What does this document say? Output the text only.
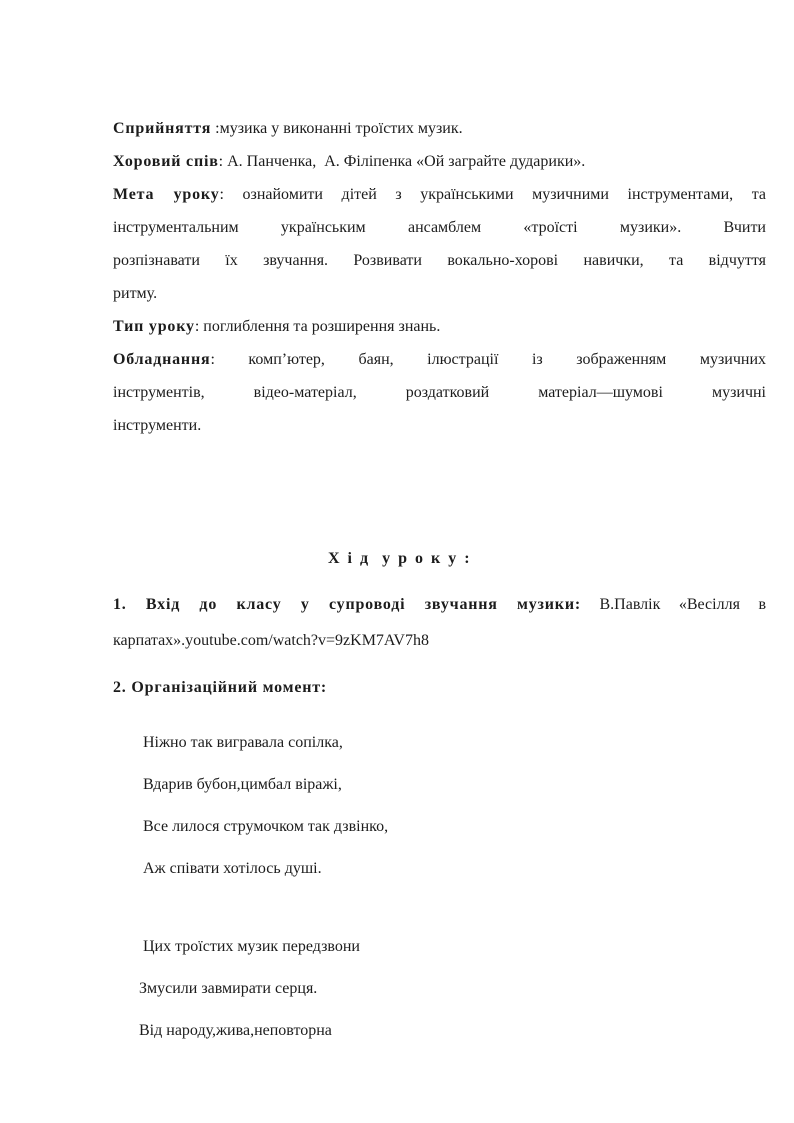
Сприйняття :музика у виконанні троїстих музик.
Хоровий спів: А. Панченка,  А. Філіпенка «Ой заграйте дударики».
Мета уроку: ознайомити дітей з українськими музичними інструментами, та
інструментальним українським ансамблем «троїсті музики». Вчити
розпізнавати їх звучання. Розвивати вокально-хорові навички, та відчуття
ритму.
Тип уроку: поглиблення та розширення знань.
Обладнання: комп’ютер, баян, ілюстрації із зображенням музичних
інструментів, відео-матеріал, роздатковий матеріал—шумові музичні
інструменти.
Х і д  у р о к у :
1. Вхід до класу у супроводі звучання музики: В.Павлік «Весілля в
карпатах».youtube.com/watch?v=9zKM7AV7h8
2. Організаційний момент:
Ніжно так вигравала сопілка,
Вдарив бубон,цимбал віражі,
Все лилося струмочком так дзвінко,
Аж співати хотілось душі.
Цих троїстих музик передзвони
Змусили завмирати серця.
Від народу,жива,неповторна
